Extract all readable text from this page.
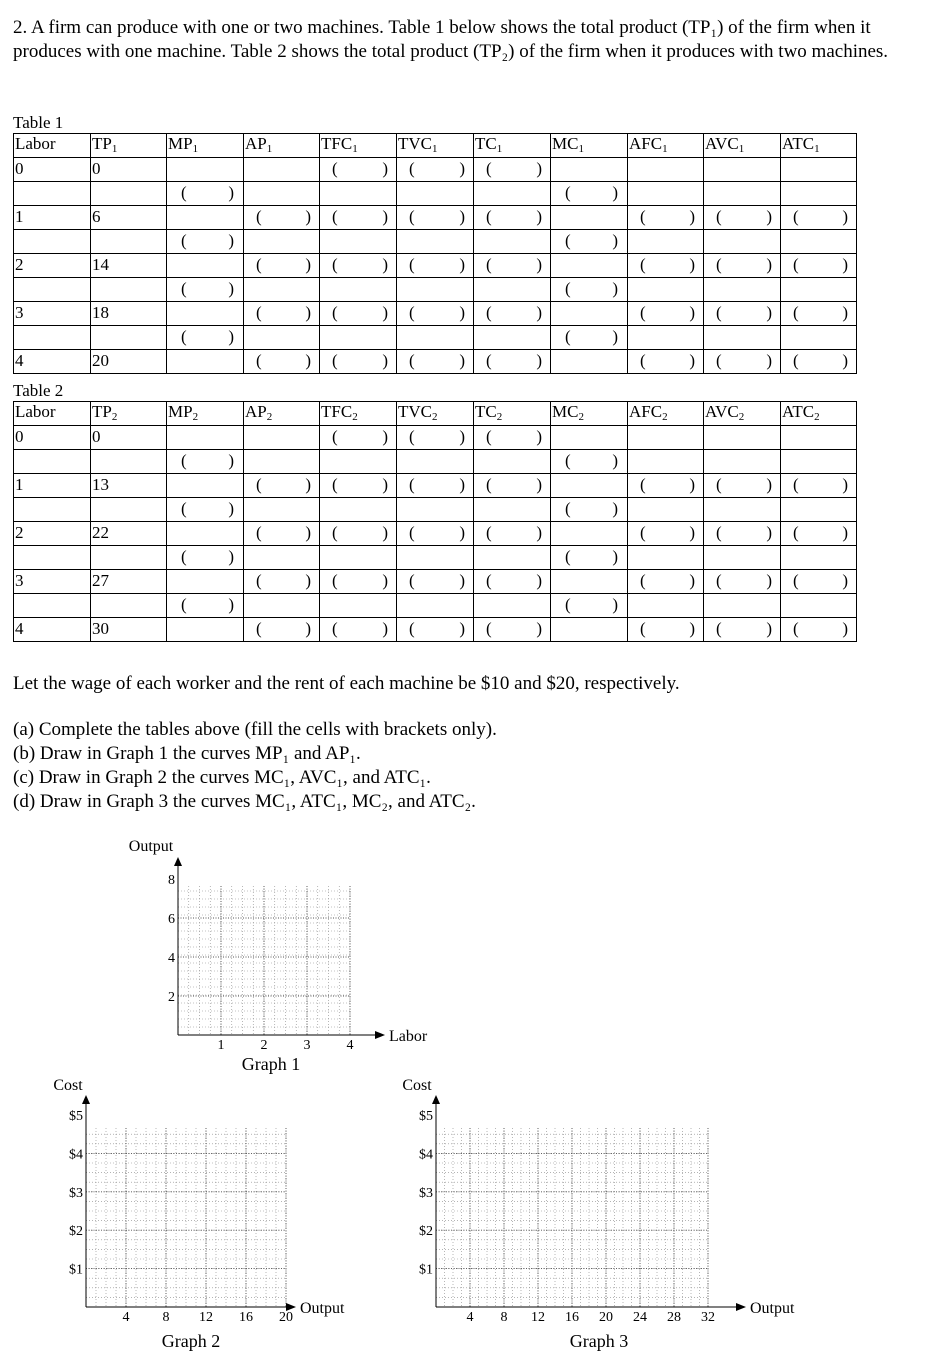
2. A firm can produce with one or two machines. Table 1 below shows the total product (TP₁) of the firm when it produces with one machine. Table 2 shows the total product (TP₂) of the firm when it produces with two machines.
Table 1
Labor	$TP_1$	$MP_1$	$AP_1$	$TFC_1$	$TVC_1$	$TC_1$	$MC_1$	$AFC_1$	$AVC_1$	$ATC_1$

0	0			( )	( )	( )				

		( )					( )			

1	6		( )	( )	( )	( )		( )	( )	( )

		( )					( )			

2	14		( )	( )	( )	( )		( )	( )	( )

		( )					( )			

3	18		( )	( )	( )	( )		( )	( )	( )

		( )					( )			

4	20		( )	( )	( )	( )		( )	( )	( )
Table 2
Labor	$TP_2$	$MP_2$	$AP_2$	$TFC_2$	$TVC_2$	$TC_2$	$MC_2$	$AFC_2$	$AVC_2$	$ATC_2$

0	0			( )	( )	( )				

		( )					( )			

1	13		( )	( )	( )	( )		( )	( )	( )

		( )					( )			

2	22		( )	( )	( )	( )		( )	( )	( )

		( )					( )			

3	27		( )	( )	( )	( )		( )	( )	( )

		( )					( )			

4	30		( )	( )	( )	( )		( )	( )	( )
Let the wage of each worker and the rent of each machine be $10 and $20, respectively.
(a) Complete the tables above (fill the cells with brackets only).
(b) Draw in Graph 1 the curves MP₁ and AP₁.
(c) Draw in Graph 2 the curves MC₁, AVC₁, and ATC₁.
(d) Draw in Graph 3 the curves MC₁, ATC₁, MC₂, and ATC₂.
2
4
6
8
1	2	3	4
Output
Labor
Graph 1
$1
$2
$3
$4
$5
4 8 12 16 20
Cost
Output
Graph 2
$1
$2
$3
$4
$5
4 8 12 16 20 24 28 32
Cost
Output
Graph 3
